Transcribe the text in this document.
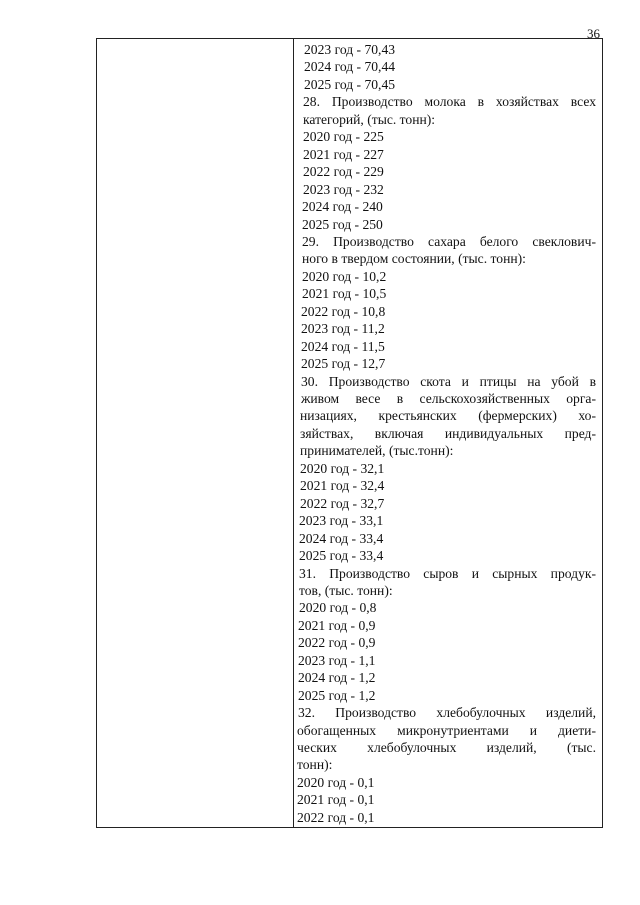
36
2023 год - 70,43
2024 год - 70,44
2025 год - 70,45
28. Производство молока в хозяйствах всех
категорий, (тыс. тонн):
2020 год - 225
2021 год - 227
2022 год - 229
2023 год - 232
2024 год - 240
2025 год - 250
29. Производство сахара белого свеклович-
ного в твердом состоянии, (тыс. тонн):
2020 год - 10,2
2021 год - 10,5
2022 год - 10,8
2023 год - 11,2
2024 год - 11,5
2025 год - 12,7
30. Производство скота и птицы на убой в
живом весе в сельскохозяйственных орга-
низациях, крестьянских (фермерских) хо-
зяйствах, включая индивидуальных пред-
принимателей, (тыс.тонн):
2020 год - 32,1
2021 год - 32,4
2022 год - 32,7
2023 год - 33,1
2024 год - 33,4
2025 год - 33,4
31. Производство сыров и сырных продук-
тов, (тыс. тонн):
2020 год - 0,8
2021 год - 0,9
2022 год - 0,9
2023 год - 1,1
2024 год - 1,2
2025 год - 1,2
32. Производство хлебобулочных изделий,
обогащенных микронутриентами и диети-
ческих хлебобулочных изделий, (тыс.
тонн):
2020 год - 0,1
2021 год - 0,1
2022 год - 0,1
